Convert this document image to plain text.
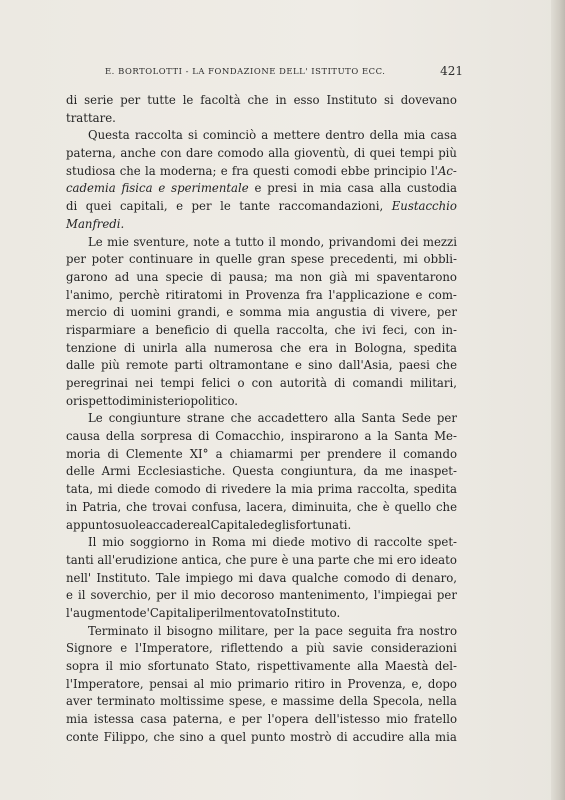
E. BORTOLOTTI - LA FONDAZIONE DELL' ISTITUTO ECC.	421
di serie per tutte le facoltà che in esso Instituto si dovevano
trattare.
Questa raccolta si cominciò a mettere dentro della mia casa
paterna, anche con dare comodo alla gioventù, di quei tempi più
studiosa che la moderna; e fra questi comodi ebbe principio l'Ac-
cademia fisica e sperimentale e presi in mia casa alla custodia
di quei capitali, e per le tante raccomandazioni, Eustacchio
Manfredi.
Le mie sventure, note a tutto il mondo, privandomi dei mezzi
per poter continuare in quelle gran spese precedenti, mi obbli-
garono ad una specie di pausa; ma non già mi spaventarono
l'animo, perchè ritiratomi in Provenza fra l'applicazione e com-
mercio di uomini grandi, e somma mia angustia di vivere, per
risparmiare a beneficio di quella raccolta, che ivi feci, con in-
tenzione di unirla alla numerosa che era in Bologna, spedita
dalle più remote parti oltramontane e sino dall'Asia, paesi che
peregrinai nei tempi felici o con autorità di comandi militari,
o rispetto di ministerio politico.
Le congiunture strane che accadettero alla Santa Sede per
causa della sorpresa di Comacchio, inspirarono a la Santa Me-
moria di Clemente XI° a chiamarmi per prendere il comando
delle Armi Ecclesiastiche. Questa congiuntura, da me inaspet-
tata, mi diede comodo di rivedere la mia prima raccolta, spedita
in Patria, che trovai confusa, lacera, diminuita, che è quello che
appunto suole accadere al Capitale degli sfortunati.
Il mio soggiorno in Roma mi diede motivo di raccolte spet-
tanti all'erudizione antica, che pure è una parte che mi ero ideato
nell' Instituto. Tale impiego mi dava qualche comodo di denaro,
e il soverchio, per il mio decoroso mantenimento, l'impiegai per
l'augmento de' Capitali per il mentovato Instituto.
Terminato il bisogno militare, per la pace seguita fra nostro
Signore e l'Imperatore, riflettendo a più savie considerazioni
sopra il mio sfortunato Stato, rispettivamente alla Maestà del-
l'Imperatore, pensai al mio primario ritiro in Provenza, e, dopo
aver terminato moltissime spese, e massime della Specola, nella
mia istessa casa paterna, e per l'opera dell'istesso mio fratello
conte Filippo, che sino a quel punto mostrò di accudire alla mia
